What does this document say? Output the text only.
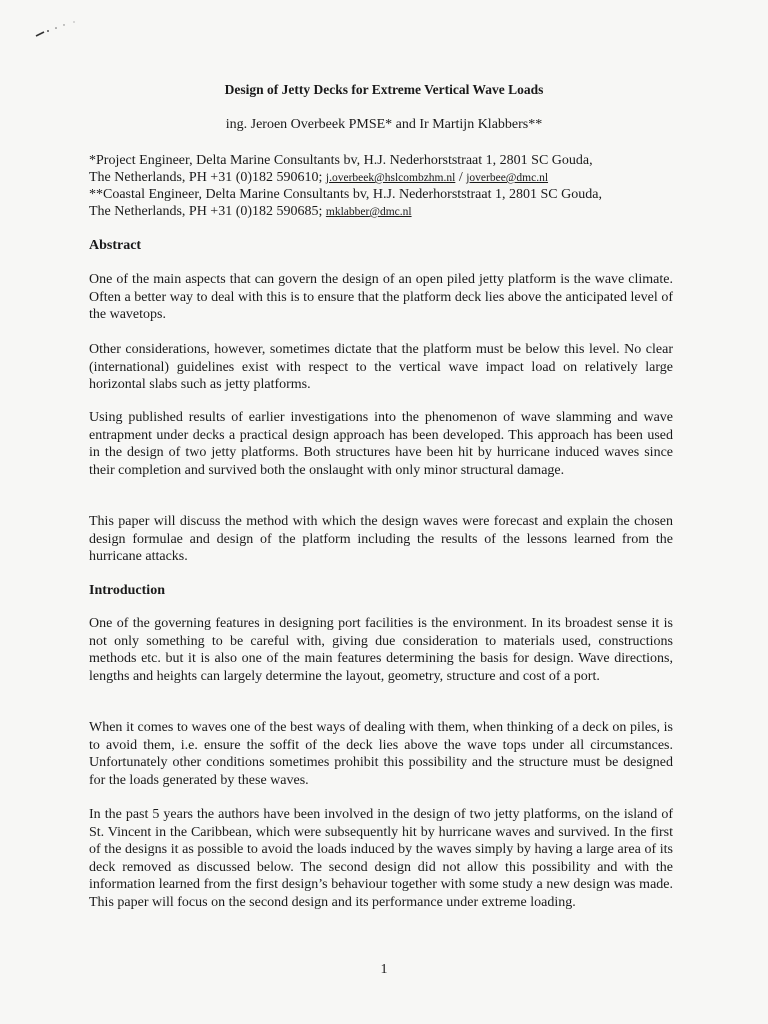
Design of Jetty Decks for Extreme Vertical Wave Loads
ing. Jeroen Overbeek PMSE* and Ir Martijn Klabbers**
*Project Engineer, Delta Marine Consultants bv, H.J. Nederhorststraat 1, 2801 SC Gouda,
The Netherlands, PH +31 (0)182 590610; j.overbeek@hslcombzhm.nl / joverbee@dmc.nl
**Coastal Engineer, Delta Marine Consultants bv, H.J. Nederhorststraat 1, 2801 SC Gouda,
The Netherlands, PH +31 (0)182 590685; mklabber@dmc.nl
Abstract

One of the main aspects that can govern the design of an open piled jetty platform is the wave climate. Often a better way to deal with this is to ensure that the platform deck lies above the anticipated level of the wavetops.

Other considerations, however, sometimes dictate that the platform must be below this level. No clear (international) guidelines exist with respect to the vertical wave impact load on relatively large horizontal slabs such as jetty platforms.

Using published results of earlier investigations into the phenomenon of wave slamming and wave entrapment under decks a practical design approach has been developed. This approach has been used in the design of two jetty platforms. Both structures have been hit by hurricane induced waves since their completion and survived both the onslaught with only minor structural damage.

This paper will discuss the method with which the design waves were forecast and explain the chosen design formulae and design of the platform including the results of the lessons learned from the hurricane attacks.

Introduction

One of the governing features in designing port facilities is the environment. In its broadest sense it is not only something to be careful with, giving due consideration to materials used, constructions methods etc. but it is also one of the main features determining the basis for design. Wave directions, lengths and heights can largely determine the layout, geometry, structure and cost of a port.

When it comes to waves one of the best ways of dealing with them, when thinking of a deck on piles, is to avoid them, i.e. ensure the soffit of the deck lies above the wave tops under all circumstances. Unfortunately other conditions sometimes prohibit this possibility and the structure must be designed for the loads generated by these waves.

In the past 5 years the authors have been involved in the design of two jetty platforms, on the island of St. Vincent in the Caribbean, which were subsequently hit by hurricane waves and survived. In the first of the designs it as possible to avoid the loads induced by the waves simply by having a large area of its deck removed as discussed below. The second design did not allow this possibility and with the information learned from the first design’s behaviour together with some study a new design was made. This paper will focus on the second design and its performance under extreme loading.

1
